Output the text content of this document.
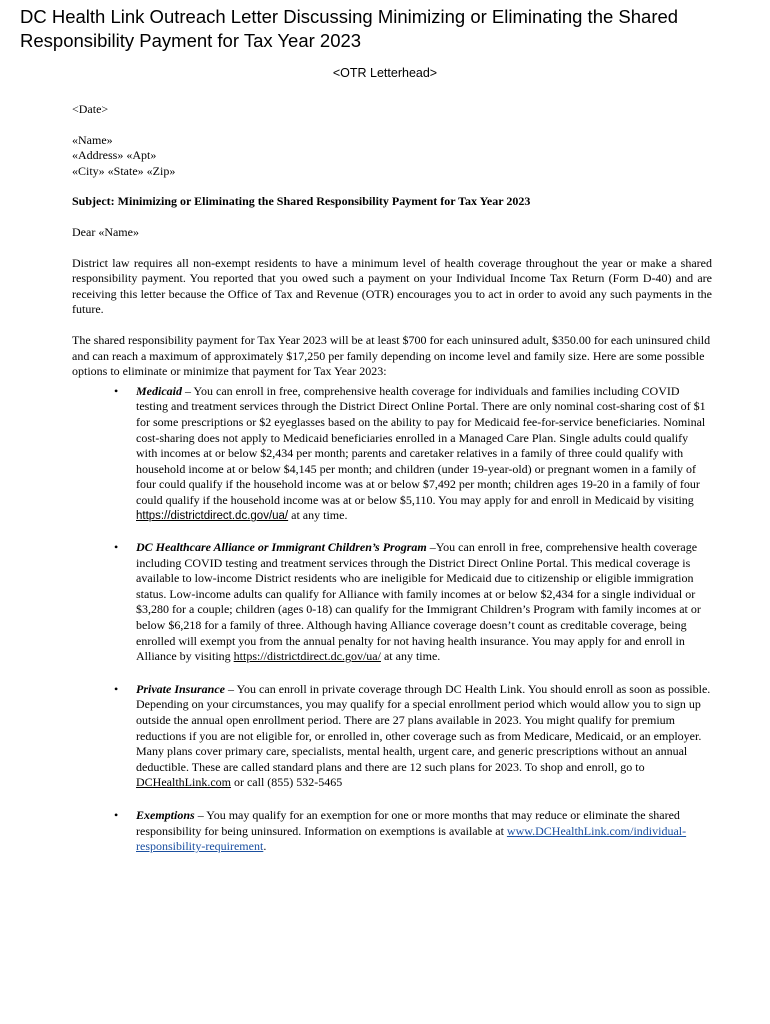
DC Health Link Outreach Letter Discussing Minimizing or Eliminating the Shared Responsibility Payment for Tax Year 2023
<OTR Letterhead>

<Date>

«Name»

«Address» «Apt»

«City» «State» «Zip»

Subject: Minimizing or Eliminating the Shared Responsibility Payment for Tax Year 2023

Dear «Name»

District law requires all non-exempt residents to have a minimum level of health coverage throughout the year or make a shared responsibility payment. You reported that you owed such a payment on your Individual Income Tax Return (Form D-40) and are receiving this letter because the Office of Tax and Revenue (OTR) encourages you to act in order to avoid any such payments in the future.

The shared responsibility payment for Tax Year 2023 will be at least $700 for each uninsured adult, $350.00 for each uninsured child and can reach a maximum of approximately $17,250 per family depending on income level and family size. Here are some possible options to eliminate or minimize that payment for Tax Year 2023:

• Medicaid – You can enroll in free, comprehensive health coverage for individuals and families including COVID testing and treatment services through the District Direct Online Portal. There are only nominal cost-sharing cost of $1 for some prescriptions or $2 eyeglasses based on the ability to pay for Medicaid fee-for-service beneficiaries. Nominal cost-sharing does not apply to Medicaid beneficiaries enrolled in a Managed Care Plan. Single adults could qualify with incomes at or below $2,434 per month; parents and caretaker relatives in a family of three could qualify with household income at or below $4,145 per month; and children (under 19-year-old) or pregnant women in a family of four could qualify if the household income was at or below $7,492 per month; children ages 19-20 in a family of four could qualify if the household income was at or below $5,110. You may apply for and enroll in Medicaid by visiting https://districtdirect.dc.gov/ua/ at any time.
• DC Healthcare Alliance or Immigrant Children’s Program –You can enroll in free, comprehensive health coverage including COVID testing and treatment services through the District Direct Online Portal. This medical coverage is available to low-income District residents who are ineligible for Medicaid due to citizenship or eligible immigration status. Low-income adults can qualify for Alliance with family incomes at or below $2,434 for a single individual or $3,280 for a couple; children (ages 0-18) can qualify for the Immigrant Children’s Program with family incomes at or below $6,218 for a family of three. Although having Alliance coverage doesn’t count as creditable coverage, being enrolled will exempt you from the annual penalty for not having health insurance. You may apply for and enroll in Alliance by visiting https://districtdirect.dc.gov/ua/ at any time.
• Private Insurance – You can enroll in private coverage through DC Health Link. You should enroll as soon as possible. Depending on your circumstances, you may qualify for a special enrollment period which would allow you to sign up outside the annual open enrollment period. There are 27 plans available in 2023. You might qualify for premium reductions if you are not eligible for, or enrolled in, other coverage such as from Medicare, Medicaid, or an employer. Many plans cover primary care, specialists, mental health, urgent care, and generic prescriptions without an annual deductible. These are called standard plans and there are 12 such plans for 2023. To shop and enroll, go to DCHealthLink.com or call (855) 532-5465
• Exemptions – You may qualify for an exemption for one or more months that may reduce or eliminate the shared responsibility for being uninsured. Information on exemptions is available at www.DCHealthLink.com/individual-responsibility-requirement.
